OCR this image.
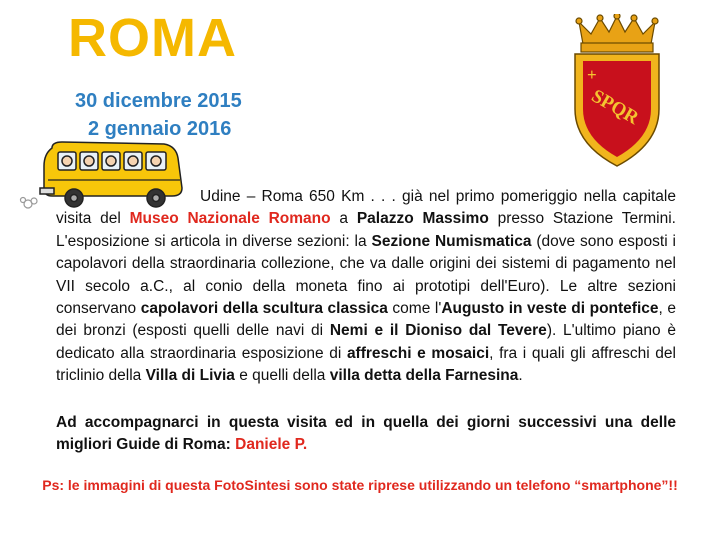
ROMA
30 dicembre 2015
2 gennaio 2016
+
SPQR
Udine – Roma 650 Km . . . già nel primo pomeriggio nella capitale visita del Museo Nazionale Romano a Palazzo Massimo presso Stazione Termini. L'esposizione si articola in diverse sezioni: la Sezione Numismatica (dove sono esposti i capolavori della straordinaria collezione, che va dalle origini dei sistemi di pagamento nel VII secolo a.C., al conio della moneta fino ai prototipi dell'Euro). Le altre sezioni conservano capolavori della scultura classica come l'Augusto in veste di pontefice, e dei bronzi (esposti quelli delle navi di Nemi e il Dioniso dal Tevere). L'ultimo piano è dedicato alla straordinaria esposizione di affreschi e mosaici, fra i quali gli affreschi del triclinio della Villa di Livia e quelli della villa detta della Farnesina.
Ad accompagnarci in questa visita ed in quella dei giorni successivi una delle migliori Guide di Roma: Daniele P.
Ps: le immagini di questa FotoSintesi sono state riprese utilizzando un telefono “smartphone”!!
